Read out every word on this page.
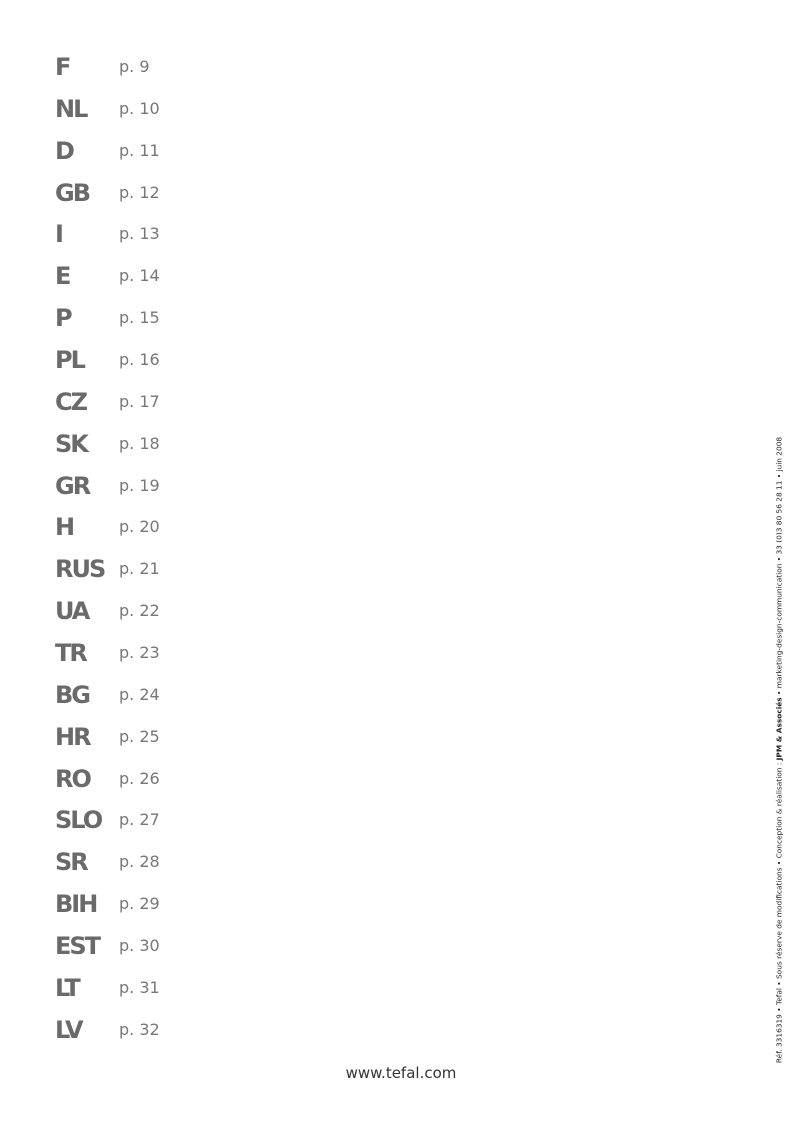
F	p. 9
NL	p. 10
D	p. 11
GB	p. 12
I	p. 13
E	p. 14
P	p. 15
PL	p. 16
CZ	p. 17
SK	p. 18
GR	p. 19
H	p. 20
RUS p. 21
UA	p. 22
TR	p. 23
BG	p. 24
HR	p. 25
RO	p. 26
SLO	p. 27
SR	p. 28
BIH	p. 29
EST	p. 30
LT	p. 31
LV	p. 32
www.tefal.com
Réf. 3316319 • Tefal • Sous réserve de modifications • Conception & réalisation : JPM & Associés • marketing-design-communication • 33 (0)3 80 56 28 11 • juin 2008
